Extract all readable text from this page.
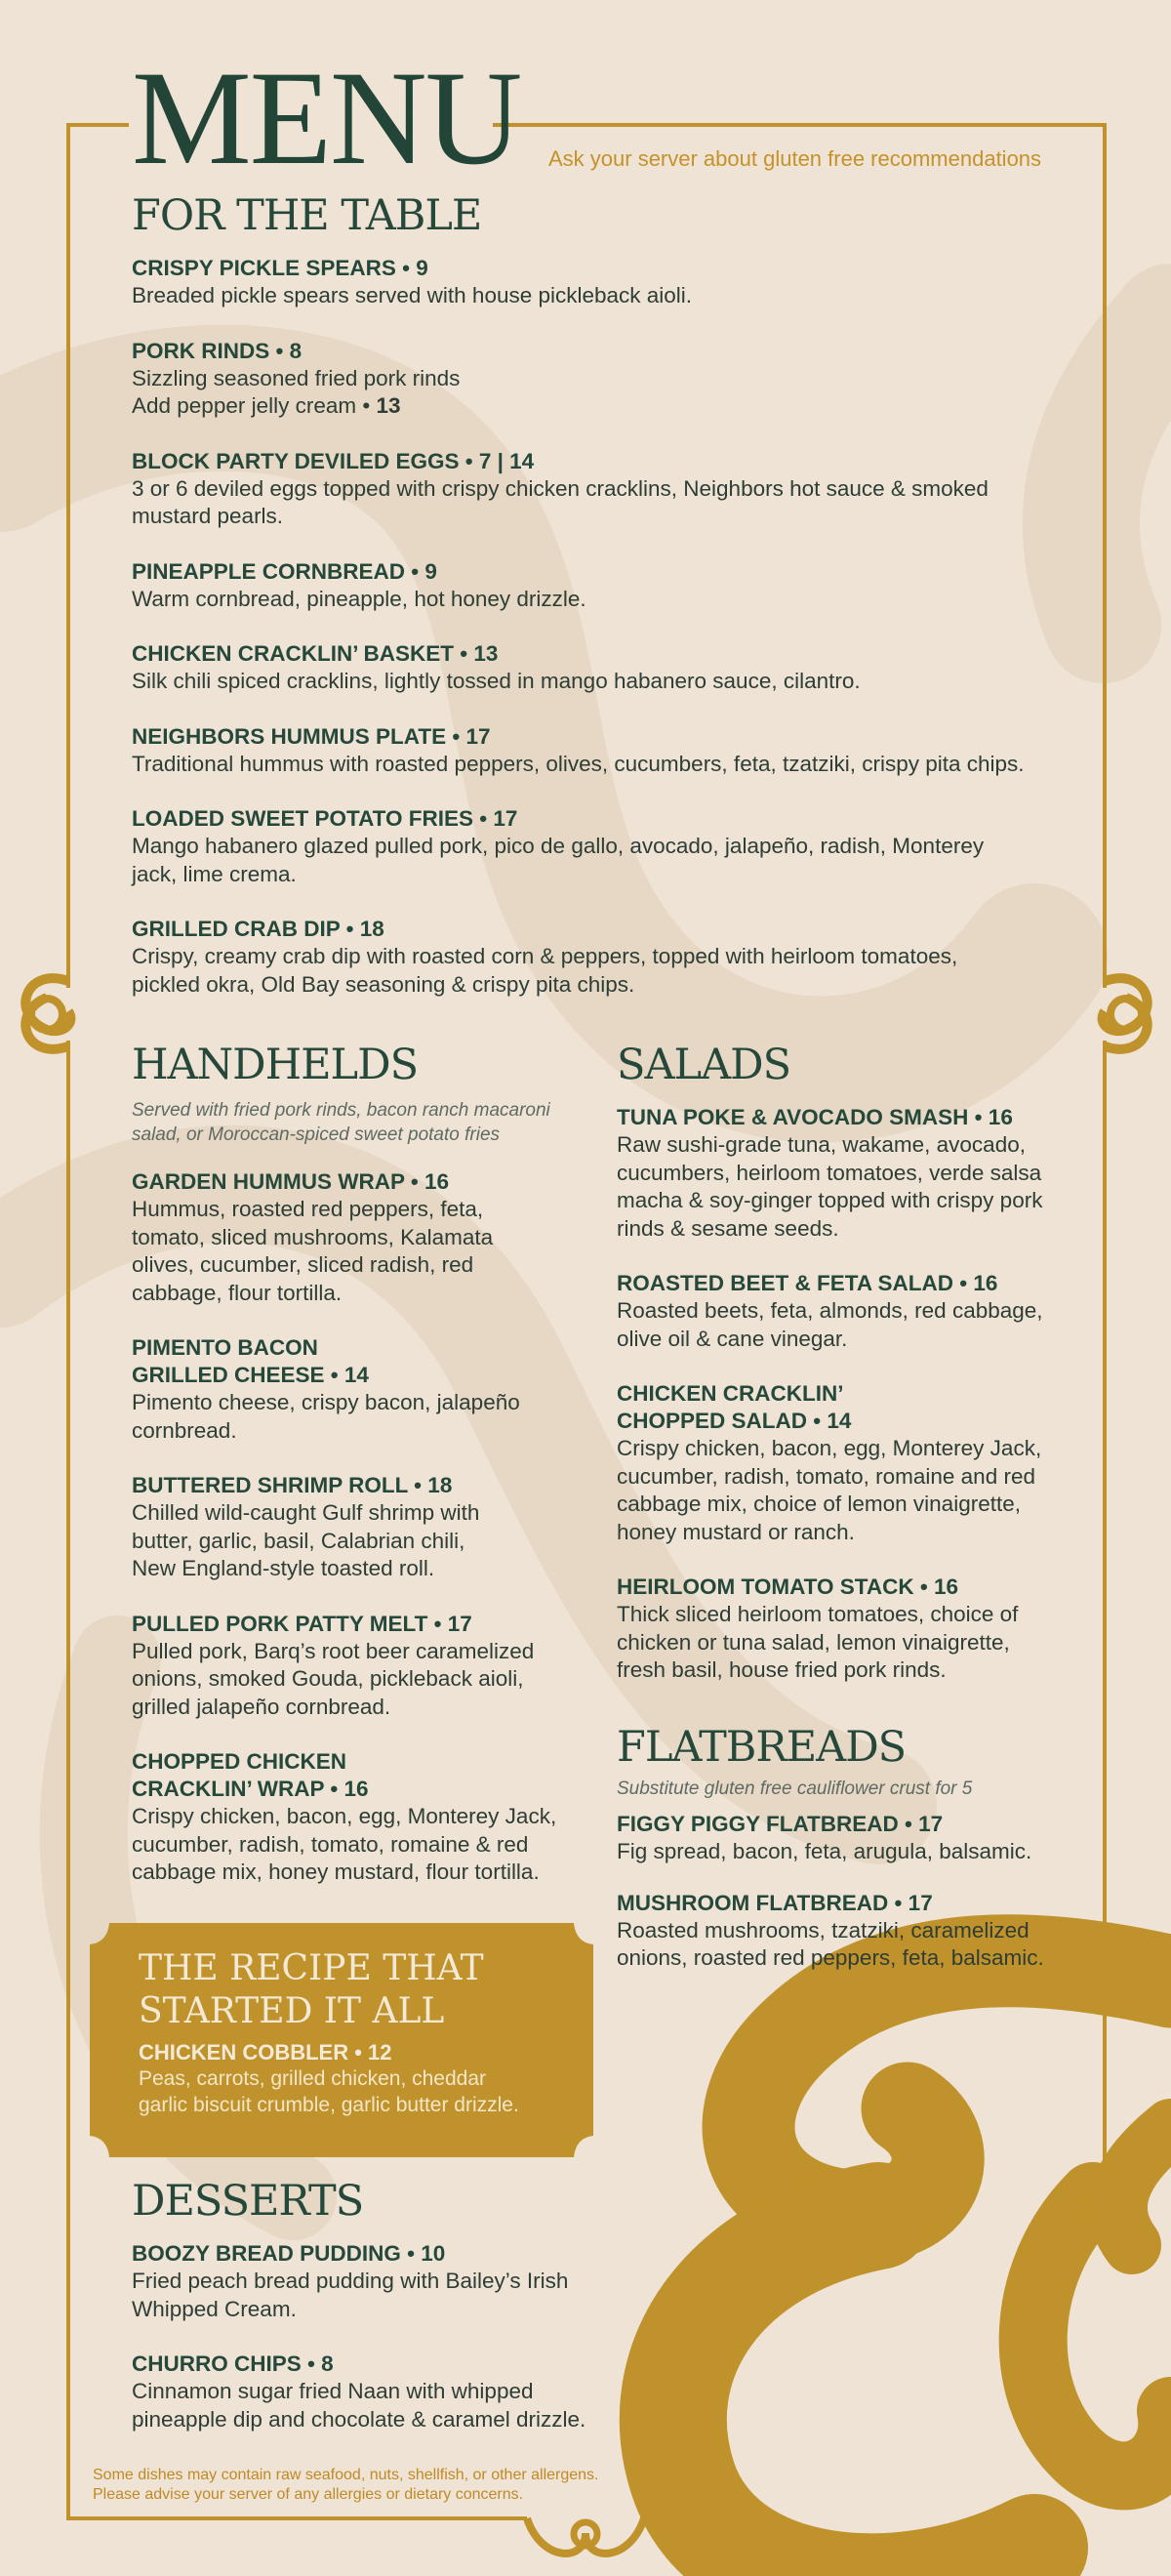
MENU Ask your server about gluten free recommendations
FOR THE TABLE
CRISPY PICKLE SPEARS • 9
Breaded pickle spears served with house pickleback aioli.
PORK RINDS • 8
Sizzling seasoned fried pork rinds
Add pepper jelly cream • 13
BLOCK PARTY DEVILED EGGS • 7 | 14
3 or 6 deviled eggs topped with crispy chicken cracklins, Neighbors hot sauce & smoked
mustard pearls.
PINEAPPLE CORNBREAD • 9
Warm cornbread, pineapple, hot honey drizzle.
CHICKEN CRACKLIN’ BASKET • 13
Silk chili spiced cracklins, lightly tossed in mango habanero sauce, cilantro.
NEIGHBORS HUMMUS PLATE • 17
Traditional hummus with roasted peppers, olives, cucumbers, feta, tzatziki, crispy pita chips.
LOADED SWEET POTATO FRIES • 17
Mango habanero glazed pulled pork, pico de gallo, avocado, jalapeño, radish, Monterey
jack, lime crema.
GRILLED CRAB DIP • 18
Crispy, creamy crab dip with roasted corn & peppers, topped with heirloom tomatoes,
pickled okra, Old Bay seasoning & crispy pita chips.
HANDHELDS
Served with fried pork rinds, bacon ranch macaroni
salad, or Moroccan-spiced sweet potato fries
GARDEN HUMMUS WRAP • 16
Hummus, roasted red peppers, feta,
tomato, sliced mushrooms, Kalamata
olives, cucumber, sliced radish, red
cabbage, flour tortilla.
PIMENTO BACON
GRILLED CHEESE • 14
Pimento cheese, crispy bacon, jalapeño
cornbread.
BUTTERED SHRIMP ROLL • 18
Chilled wild-caught Gulf shrimp with
butter, garlic, basil, Calabrian chili,
New England-style toasted roll.
PULLED PORK PATTY MELT • 17
Pulled pork, Barq’s root beer caramelized
onions, smoked Gouda, pickleback aioli,
grilled jalapeño cornbread.
CHOPPED CHICKEN
CRACKLIN’ WRAP • 16
Crispy chicken, bacon, egg, Monterey Jack,
cucumber, radish, tomato, romaine & red
cabbage mix, honey mustard, flour tortilla.
SALADS
TUNA POKE & AVOCADO SMASH • 16
Raw sushi-grade tuna, wakame, avocado,
cucumbers, heirloom tomatoes, verde salsa
macha & soy-ginger topped with crispy pork
rinds & sesame seeds.
ROASTED BEET & FETA SALAD • 16
Roasted beets, feta, almonds, red cabbage,
olive oil & cane vinegar.
CHICKEN CRACKLIN’
CHOPPED SALAD • 14
Crispy chicken, bacon, egg, Monterey Jack,
cucumber, radish, tomato, romaine and red
cabbage mix, choice of lemon vinaigrette,
honey mustard or ranch.
HEIRLOOM TOMATO STACK • 16
Thick sliced heirloom tomatoes, choice of
chicken or tuna salad, lemon vinaigrette,
fresh basil, house fried pork rinds.
FLATBREADS
Substitute gluten free cauliflower crust for 5
FIGGY PIGGY FLATBREAD • 17
Fig spread, bacon, feta, arugula, balsamic.
MUSHROOM FLATBREAD • 17
Roasted mushrooms, tzatziki, caramelized
onions, roasted red peppers, feta, balsamic.
THE RECIPE THAT
STARTED IT ALL
CHICKEN COBBLER • 12
Peas, carrots, grilled chicken, cheddar
garlic biscuit crumble, garlic butter drizzle.
DESSERTS
BOOZY BREAD PUDDING • 10
Fried peach bread pudding with Bailey’s Irish
Whipped Cream.
CHURRO CHIPS • 8
Cinnamon sugar fried Naan with whipped
pineapple dip and chocolate & caramel drizzle.
Some dishes may contain raw seafood, nuts, shellfish, or other allergens.
Please advise your server of any allergies or dietary concerns.
